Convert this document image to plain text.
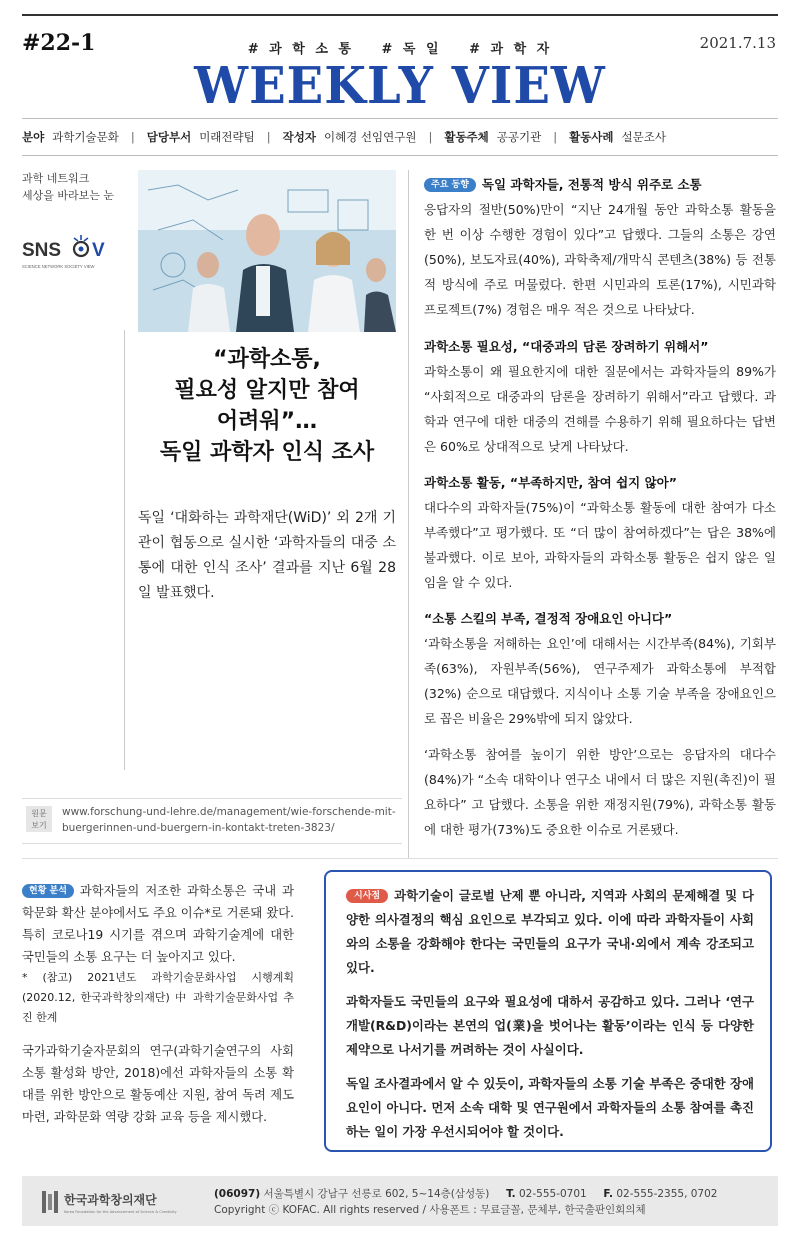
#22-1	2021.7.13
# 과 학 소 통 # 독 일 # 과 학 자
WEEKLY VIEW
분야 과학기술문화 | 담당부서 미래전략팀 | 작성자 이혜경 선임연구원 | 활동주체 공공기관 | 활동사례 설문조사
과학 네트워크
세상을 바라보는 눈
SNS V
SCIENCE NETWORK SOCIETY VIEW
“과학소통,
필요성 알지만 참여
어려워”…
독일 과학자 인식 조사
독일 ‘대화하는 과학재단(WiD)’ 외 2개 기관이 협동으로 실시한 ‘과학자들의 대중 소통에 대한 인식 조사’ 결과를 지난 6월 28일 발표했다.
원문
보기
www.forschung-und-lehre.de/management/wie-forschende-mit-buergerinnen-und-buergern-in-kontakt-treten-3823/
주요 동향 독일 과학자들, 전통적 방식 위주로 소통
응답자의 절반(50%)만이 “지난 24개월 동안 과학소통 활동을 한 번 이상 수행한 경험이 있다”고 답했다. 그들의 소통은 강연(50%), 보도자료(40%), 과학축제/개막식 콘텐츠(38%) 등 전통적 방식에 주로 머물렀다. 한편 시민과의 토론(17%), 시민과학 프로젝트(7%) 경험은 매우 적은 것으로 나타났다.
과학소통 필요성, “대중과의 담론 장려하기 위해서”
과학소통이 왜 필요한지에 대한 질문에서는 과학자들의 89%가 “사회적으로 대중과의 담론을 장려하기 위해서”라고 답했다. 과학과 연구에 대한 대중의 견해를 수용하기 위해 필요하다는 답변은 60%로 상대적으로 낮게 나타났다.
과학소통 활동, “부족하지만, 참여 쉽지 않아”
대다수의 과학자들(75%)이 “과학소통 활동에 대한 참여가 다소 부족했다”고 평가했다. 또 “더 많이 참여하겠다”는 답은 38%에 불과했다. 이로 보아, 과학자들의 과학소통 활동은 쉽지 않은 일임을 알 수 있다.
“소통 스킬의 부족, 결정적 장애요인 아니다”
‘과학소통을 저해하는 요인’에 대해서는 시간부족(84%), 기회부족(63%), 자원부족(56%), 연구주제가 과학소통에 부적합(32%) 순으로 대답했다. 지식이나 소통 기술 부족을 장애요인으로 꼽은 비율은 29%밖에 되지 않았다.
‘과학소통 참여를 높이기 위한 방안’으로는 응답자의 대다수(84%)가 “소속 대학이나 연구소 내에서 더 많은 지원(촉진)이 필요하다” 고 답했다. 소통을 위한 재정지원(79%), 과학소통 활동에 대한 평가(73%)도 중요한 이슈로 거론됐다.
현황 분석 과학자들의 저조한 과학소통은 국내 과학문화 확산 분야에서도 주요 이슈*로 거론돼 왔다. 특히 코로나19 시기를 겪으며 과학기술계에 대한 국민들의 소통 요구는 더 높아지고 있다.
* (참고) 2021년도 과학기술문화사업 시행계획 (2020.12, 한국과학창의재단) 中 과학기술문화사업 추진 한계
국가과학기술자문회의 연구(과학기술연구의 사회소통 활성화 방안, 2018)에선 과학자들의 소통 확대를 위한 방안으로 활동예산 지원, 참여 독려 제도 마련, 과학문화 역량 강화 교육 등을 제시했다.
시사점 과학기술이 글로벌 난제 뿐 아니라, 지역과 사회의 문제해결 및 다양한 의사결정의 핵심 요인으로 부각되고 있다. 이에 따라 과학자들이 사회와의 소통을 강화해야 한다는 국민들의 요구가 국내·외에서 계속 강조되고 있다.
과학자들도 국민들의 요구와 필요성에 대하서 공감하고 있다. 그러나 ‘연구개발(R&D)이라는 본연의 업(業)을 벗어나는 활동’이라는 인식 등 다양한 제약으로 나서기를 꺼려하는 것이 사실이다.
독일 조사결과에서 알 수 있듯이, 과학자들의 소통 기술 부족은 중대한 장애요인이 아니다. 먼저 소속 대학 및 연구원에서 과학자들의 소통 참여를 촉진하는 일이 가장 우선시되어야 할 것이다.
한국과학창의재단
Korea Foundation for the Advancement of Science & Creativity
(06097) 서울특별시 강남구 선릉로 602, 5~14층(삼성동) T. 02-555-0701 F. 02-555-2355, 0702
Copyright ⓒ KOFAC. All rights reserved / 사용폰트 : 무료글꼴, 문체부, 한국출판인회의체
